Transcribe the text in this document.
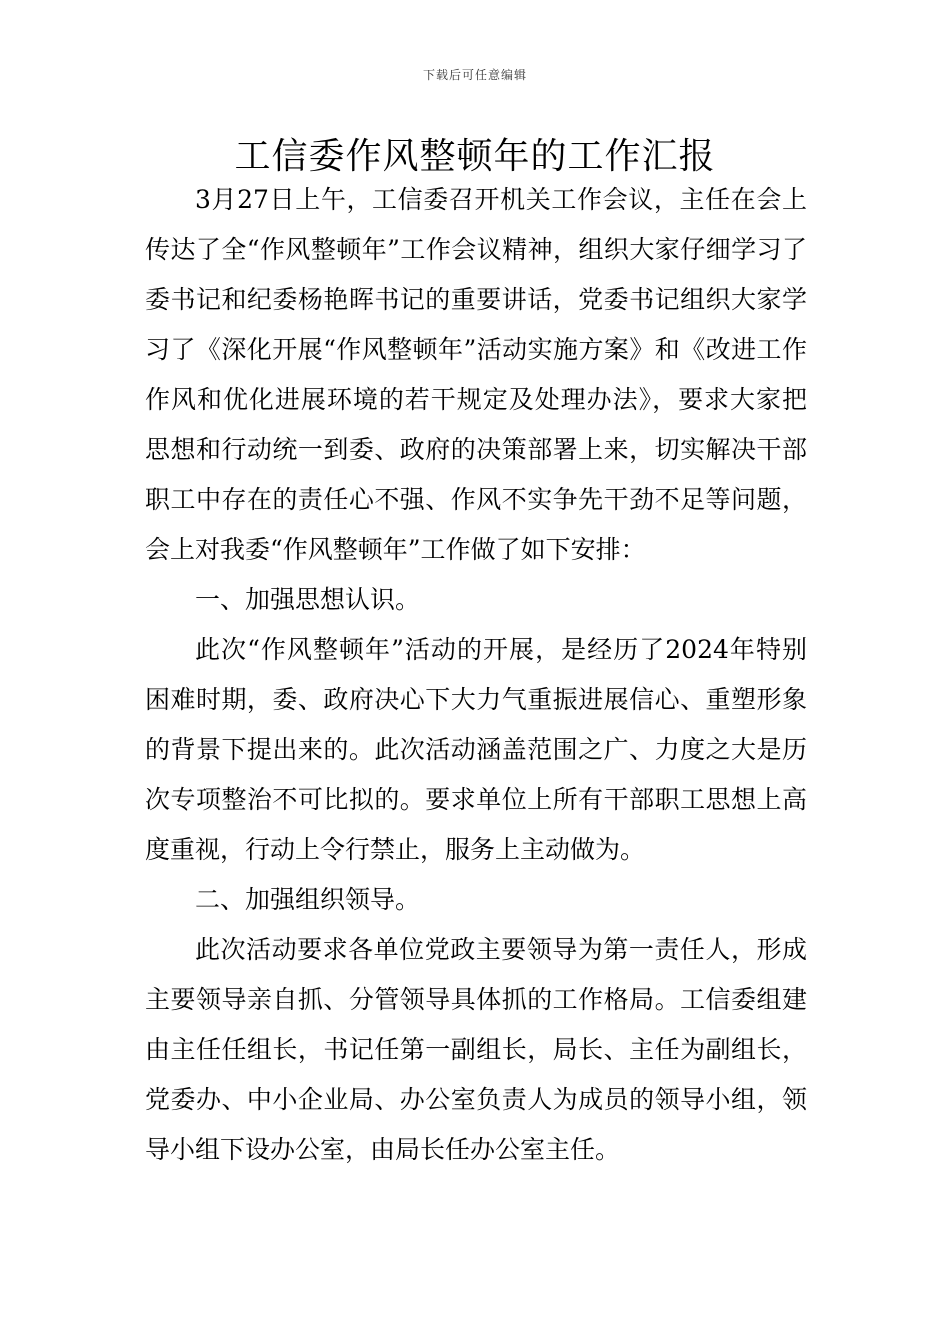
下载后可任意编辑
工信委作风整顿年的工作汇报

3月27日上午，工信委召开机关工作会议，主任在会上传达了全“作风整顿年”工作会议精神，组织大家仔细学习了委书记和纪委杨艳晖书记的重要讲话，党委书记组织大家学习了《深化开展“作风整顿年”活动实施方案》和《改进工作作风和优化进展环境的若干规定及处理办法》，要求大家把思想和行动统一到委、政府的决策部署上来，切实解决干部职工中存在的责任心不强、作风不实争先干劲不足等问题，会上对我委“作风整顿年”工作做了如下安排：

一、加强思想认识。

此次“作风整顿年”活动的开展，是经历了2024年特别困难时期，委、政府决心下大力气重振进展信心、重塑形象的背景下提出来的。此次活动涵盖范围之广、力度之大是历次专项整治不可比拟的。要求单位上所有干部职工思想上高度重视，行动上令行禁止，服务上主动做为。

二、加强组织领导。

此次活动要求各单位党政主要领导为第一责任人，形成主要领导亲自抓、分管领导具体抓的工作格局。工信委组建由主任任组长，书记任第一副组长，局长、主任为副组长，党委办、中小企业局、办公室负责人为成员的领导小组，领导小组下设办公室，由局长任办公室主任。
